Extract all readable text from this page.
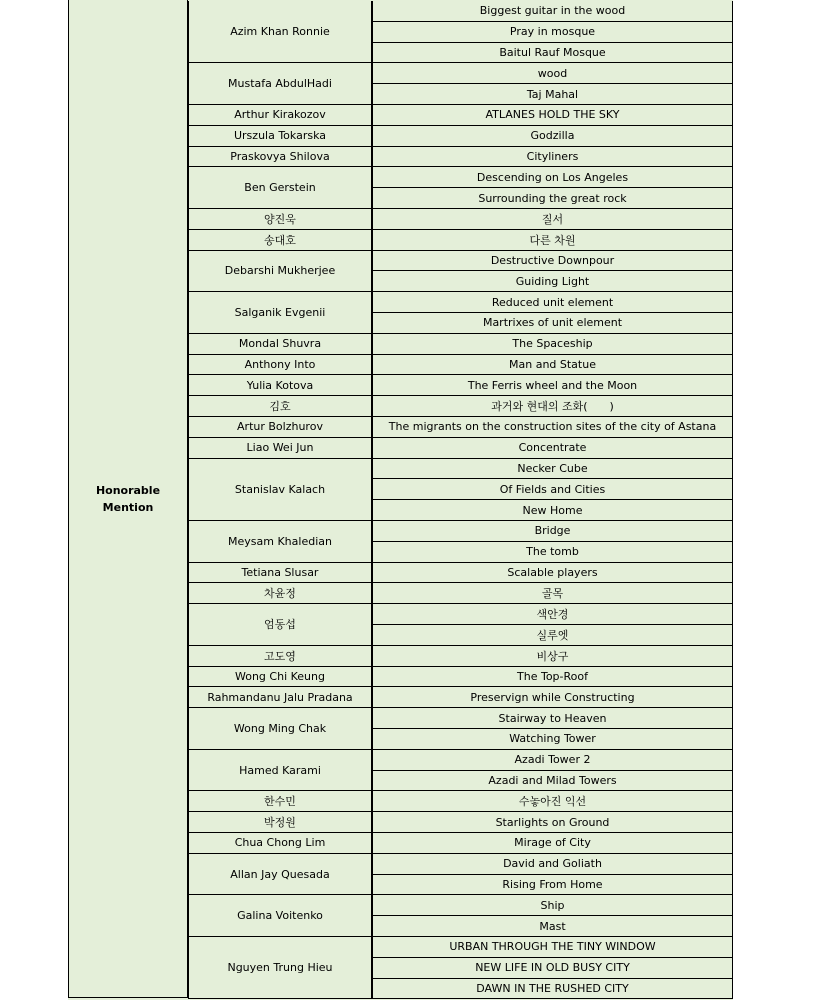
Honorable Mention
Azim Khan Ronnie
Mustafa AbdulHadi
Arthur Kirakozov
Urszula Tokarska
Praskovya Shilova
Ben Gerstein
양진욱
송대호
Debarshi Mukherjee
Salganik Evgenii
Mondal Shuvra
Anthony Into
Yulia Kotova
김호
Artur Bolzhurov
Liao Wei Jun
Stanislav Kalach
Meysam Khaledian
Tetiana Slusar
차윤정
엄동섭
고도영
Wong Chi Keung
Rahmandanu Jalu Pradana
Wong Ming Chak
Hamed Karami
한수민
박정원
Chua Chong Lim
Allan Jay Quesada
Galina Voitenko
Nguyen Trung Hieu
Biggest guitar in the wood
Pray in mosque
Baitul Rauf Mosque
wood
Taj Mahal
ATLANES HOLD THE SKY
Godzilla
Cityliners
Descending on Los Angeles
Surrounding the great rock
질서
다른 차원
Destructive Downpour
Guiding Light
Reduced unit element
Martrixes of unit element
The Spaceship
Man and Statue
The Ferris wheel and the Moon
과거와 현대의 조화(　　)
The migrants on the construction sites of the city of Astana
Concentrate
Necker Cube
Of Fields and Cities
New Home
Bridge
The tomb
Scalable players
골목
색안경
실루엣
비상구
The Top-Roof
Preservign while Constructing
Stairway to Heaven
Watching Tower
Azadi Tower 2
Azadi and Milad Towers
수놓아진 익선
Starlights on Ground
Mirage of City
David and Goliath
Rising From Home
Ship
Mast
URBAN THROUGH THE TINY WINDOW
NEW LIFE IN OLD BUSY CITY
DAWN IN THE RUSHED CITY
